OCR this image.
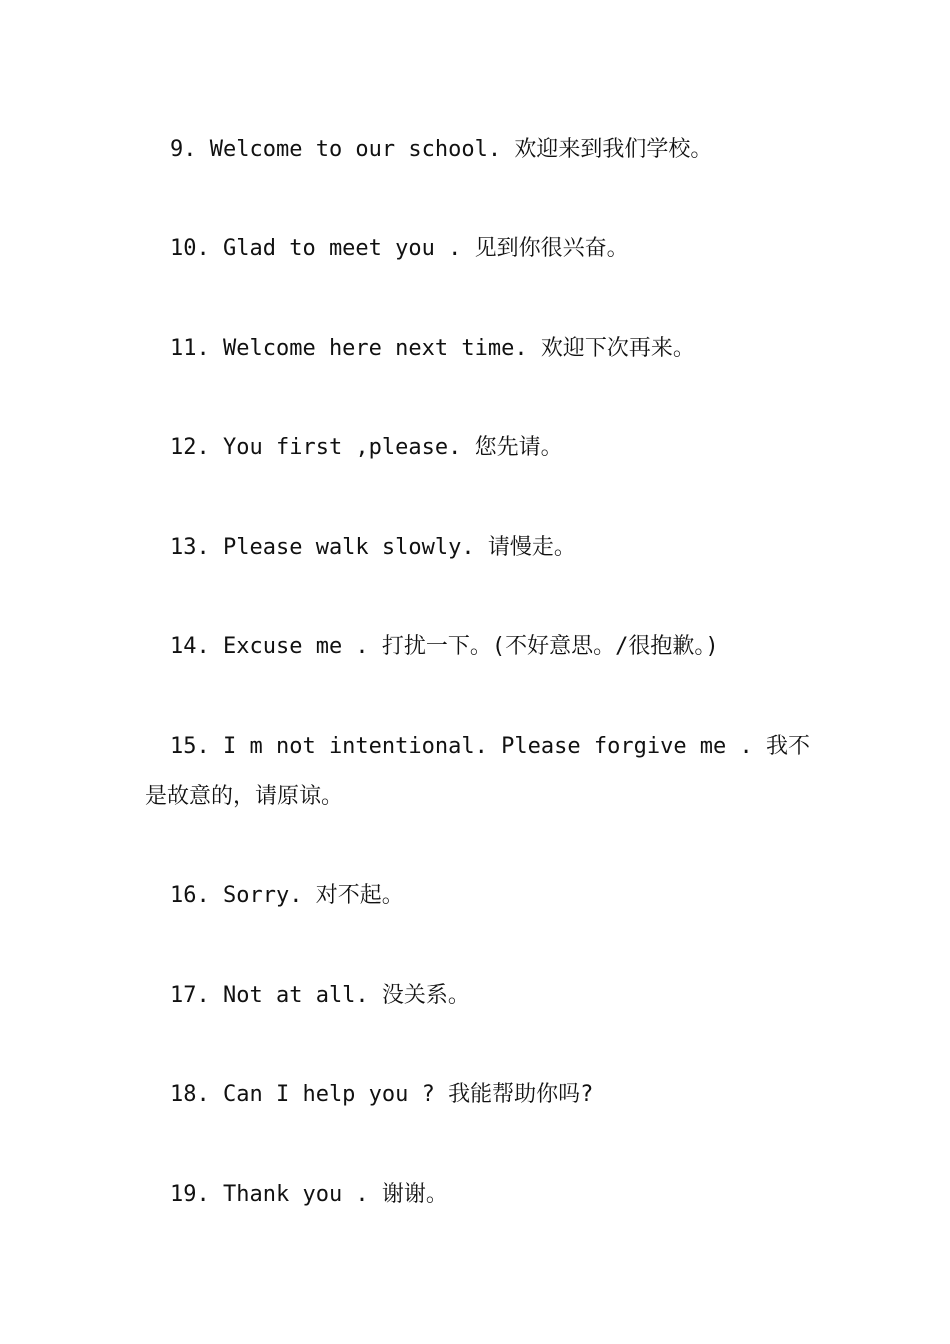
9. Welcome to our school. 欢迎来到我们学校。

10. Glad to meet you . 见到你很兴奋。

11. Welcome here next time. 欢迎下次再来。

12. You first ,please. 您先请。

13. Please walk slowly. 请慢走。

14. Excuse me . 打扰一下。(不好意思。/很抱歉。)

15. I m not intentional. Please forgive me . 我不是故意的，请原谅。

16. Sorry. 对不起。

17. Not at all. 没关系。

18. Can I help you ? 我能帮助你吗?

19. Thank you . 谢谢。
